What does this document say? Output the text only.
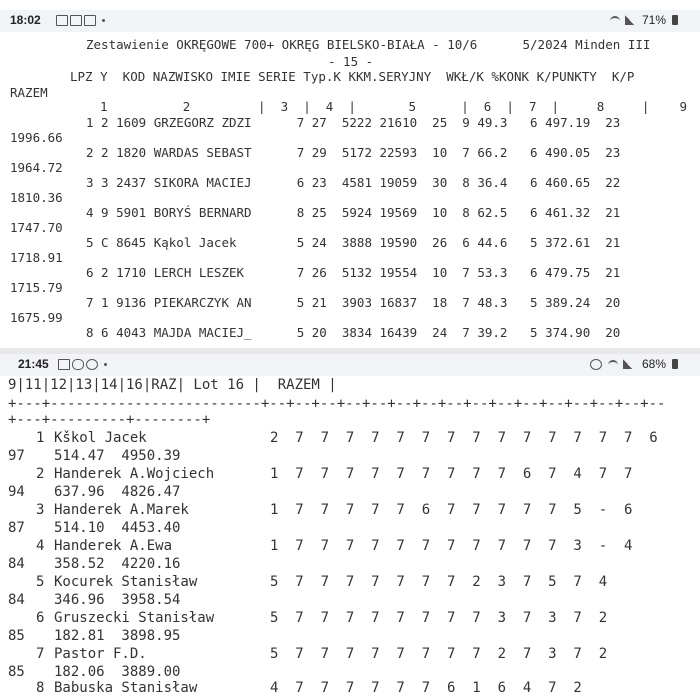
18:02	71%
Zestawienie OKRĘGOWE 700+ OKRĘG BIELSKO-BIAŁA - 10/6      5/2024 Minden III
- 15 -
LPZ Y  KOD NAZWISKO IMIE SERIE Typ.K KKM.SERYJNY  WKŁ/K %KONK K/PUNKTY  K/P
RAZEM
1          2         |  3  |  4  |       5      |  6  |  7  |     8     |    9
1 2 1609 GRZEGORZ ZDZI      7 27  5222 21610  25  9 49.3   6 497.19  23
1996.66
2 2 1820 WARDAS SEBAST      7 29  5172 22593  10  7 66.2   6 490.05  23
1964.72
3 3 2437 SIKORA MACIEJ      6 23  4581 19059  30  8 36.4   6 460.65  22
1810.36
4 9 5901 BORYŚ BERNARD      8 25  5924 19569  10  8 62.5   6 461.32  21
1747.70
5 C 8645 Kąkol Jacek        5 24  3888 19590  26  6 44.6   5 372.61  21
1718.91
6 2 1710 LERCH LESZEK       7 26  5132 19554  10  7 53.3   6 479.75  21
1715.79
7 1 9136 PIEKARCZYK AN      5 21  3903 16837  18  7 48.3   5 389.24  20
1675.99
8 6 4043 MAJDA MACIEJ_      5 20  3834 16439  24  7 39.2   5 374.90  20
21:45	68%
9|11|12|13|14|16|RAZ| Lot 16 |  RAZEM |
+---+-------------------------+--+--+--+--+--+--+--+--+--+--+--+--+--+--+--+--
+---+---------+--------+
1 Kškol Jacek	2  7  7  7  7  7  7  7  7  7  7  7  7  7  7  6
97 514.47  4950.39
2 Handerek A.Wojciech	1  7  7  7  7  7  7  7  7  7  6  7  4  7  7
94 637.96  4826.47
3 Handerek A.Marek	1  7  7  7  7  7  6  7  7  7  7  7  5  -  6
87 514.10  4453.40
4 Handerek A.Ewa	1  7  7  7  7  7  7  7  7  7  7  7  3  -  4
84 358.52  4220.16
5 Kocurek Stanisław	5  7  7  7  7  7  7  7  2  3  7  5  7  4
84 346.96  3958.54
6 Gruszecki Stanisław	5  7  7  7  7  7  7  7  7  3  7  3  7  2
85 182.81  3898.95
7 Pastor F.D.	5  7  7  7  7  7  7  7  7  2  7  3  7  2
85 182.06  3889.00
8 Babuska Stanisław	4  7  7  7  7  7  7  6  1  6  4  7  2
